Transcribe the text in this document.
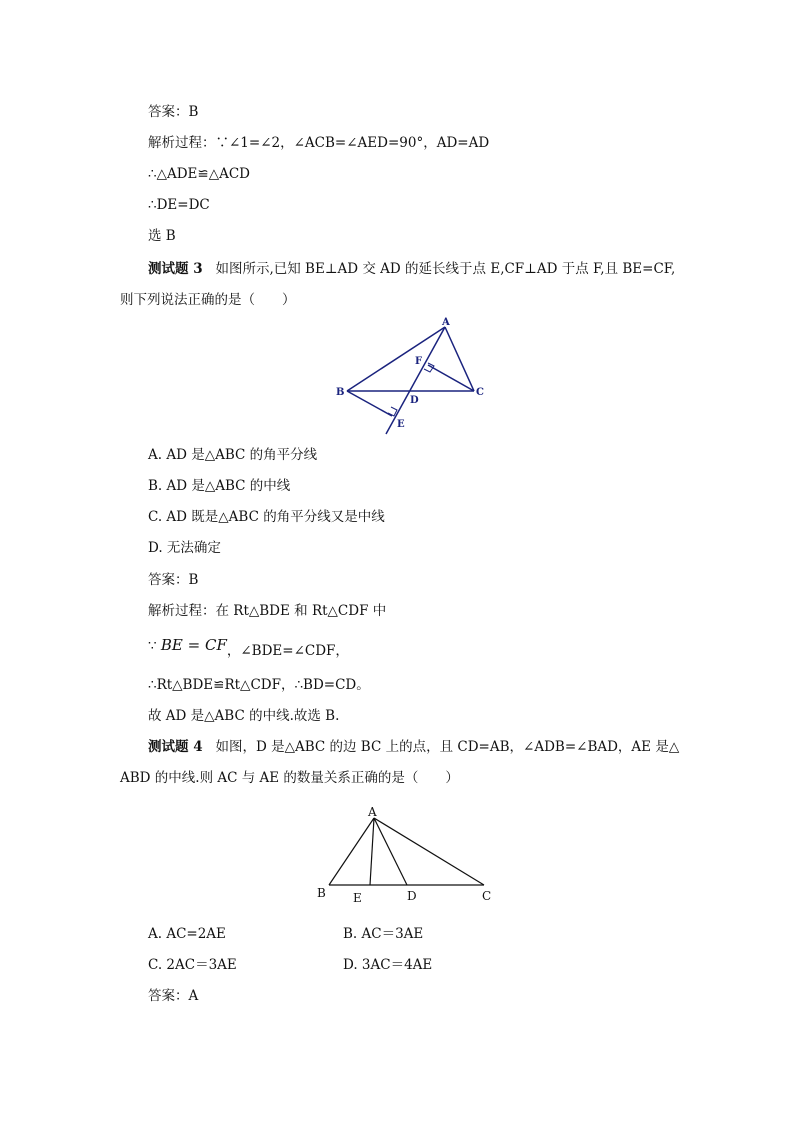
答案：B
解析过程：∵∠1=∠2，∠ACB=∠AED=90°，AD=AD
∴△ADE≌△ACD
∴DE=DC
选 B
测试题 3 如图所示,已知 BE⊥AD 交 AD 的延长线于点 E,CF⊥AD 于点 F,且 BE=CF,
则下列说法正确的是（　　）
A
B	C
D
E
F
A. AD 是△ABC 的角平分线
B. AD 是△ABC 的中线
C. AD 既是△ABC 的角平分线又是中线
D. 无法确定
答案：B
解析过程：在 Rt△BDE 和 Rt△CDF 中
∵ BE = CF，∠BDE=∠CDF，
∴Rt△BDE≌Rt△CDF，∴BD=CD。
故 AD 是△ABC 的中线.故选 B.
测试题 4 如图，D 是△ABC 的边 BC 上的点，且 CD=AB，∠ADB=∠BAD，AE 是△
ABD 的中线.则 AC 与 AE 的数量关系正确的是（　　）
A
B	C
D
E
A. AC=2AE	B. AC＝3AE
C. 2AC＝3AE	D. 3AC＝4AE
答案：A
